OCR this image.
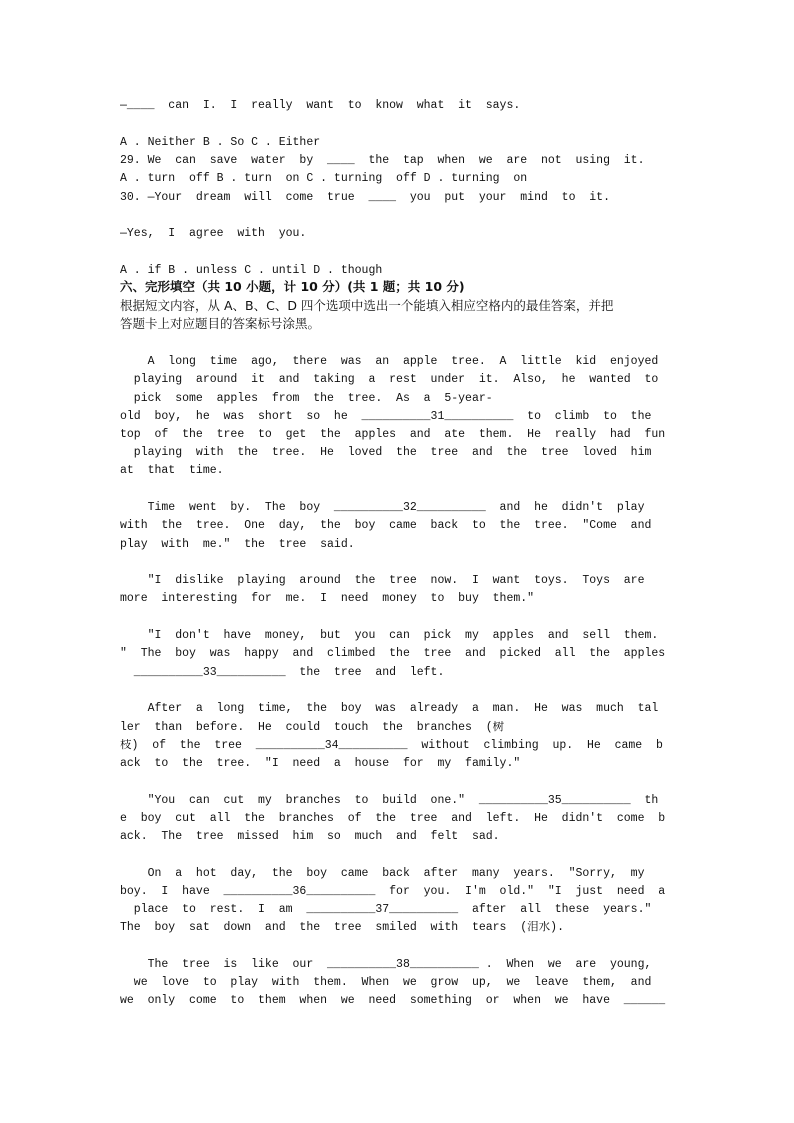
—____  can  I.  I  really  want  to  know  what  it  says.
A . Neither B . So C . Either
29. We  can  save  water  by  ____  the  tap  when  we  are  not  using  it.
A . turn  off B . turn  on C . turning  off D . turning  on
30. —Your  dream  will  come  true  ____  you  put  your  mind  to  it.
—Yes,  I  agree  with  you.
A . if B . unless C . until D . though
六、完形填空（共 10 小题，计 10 分）(共 1 题；共 10 分)
根据短文内容，从 A、B、C、D 四个选项中选出一个能填入相应空格内的最佳答案，并把
答题卡上对应题目的答案标号涂黑。
A  long  time  ago,  there  was  an  apple  tree.  A  little  kid  enjoyed
playing  around  it  and  taking  a  rest  under  it.  Also,  he  wanted  to
pick  some  apples  from  the  tree.  As  a  5-year-
old  boy,  he  was  short  so  he  __________31__________  to  climb  to  the
top  of  the  tree  to  get  the  apples  and  ate  them.  He  really  had  fun
playing  with  the  tree.  He  loved  the  tree  and  the  tree  loved  him
at  that  time.
Time  went  by.  The  boy  __________32__________  and  he  didn't  play
with  the  tree.  One  day,  the  boy  came  back  to  the  tree.  "Come  and
play  with  me."  the  tree  said.
"I  dislike  playing  around  the  tree  now.  I  want  toys.  Toys  are
more  interesting  for  me.  I  need  money  to  buy  them."
"I  don't  have  money,  but  you  can  pick  my  apples  and  sell  them.
"  The  boy  was  happy  and  climbed  the  tree  and  picked  all  the  apples
__________33__________  the  tree  and  left.
After  a  long  time,  the  boy  was  already  a  man.  He  was  much  tal
ler  than  before.  He  could  touch  the  branches  (树
枝)  of  the  tree  __________34__________  without  climbing  up.  He  came  b
ack  to  the  tree.  "I  need  a  house  for  my  family."
"You  can  cut  my  branches  to  build  one."  __________35__________  th
e  boy  cut  all  the  branches  of  the  tree  and  left.  He  didn't  come  b
ack.  The  tree  missed  him  so  much  and  felt  sad.
On  a  hot  day,  the  boy  came  back  after  many  years.  "Sorry,  my
boy.  I  have  __________36__________  for  you.  I'm  old."  "I  just  need  a
place  to  rest.  I  am  __________37__________  after  all  these  years."
The  boy  sat  down  and  the  tree  smiled  with  tears  (泪水).
The  tree  is  like  our  __________38__________ .  When  we  are  young,
we  love  to  play  with  them.  When  we  grow  up,  we  leave  them,  and
we  only  come  to  them  when  we  need  something  or  when  we  have  ______
